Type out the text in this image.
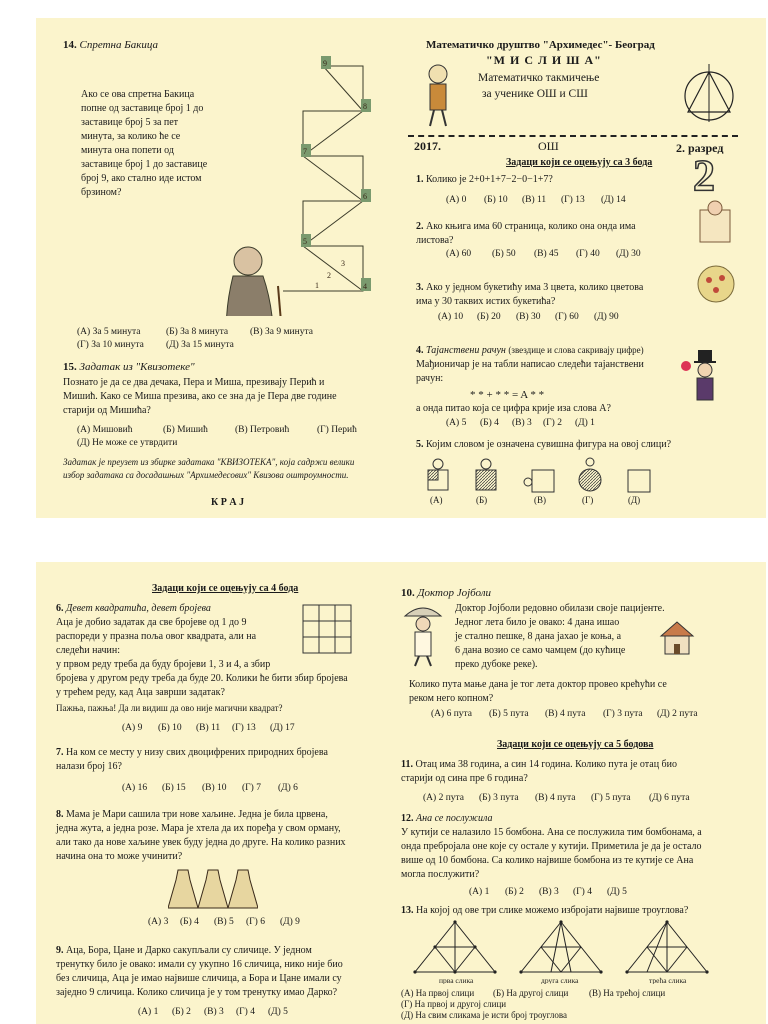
14. Спретна Бакица
Ако се ова спретна Бакица
попне од заставице број 1 до
заставице број 5 за пет
минута, за колико ће се
минута она попети од
заставице број 1 до заставице
број 9, ако стално иде истом
брзином?
9
8
7
6
5
4
3
2
1
(А) За 5 минута	(Б) За 8 минута (В) За 9 минута
(Г) За 10 минута (Д) За 15 минута
15. Задатак из "Квизотеке"
Познато је да се два дечака, Пера и Миша, презивају Перић и
Мишић. Како се Миша презива, ако се зна да је Пера две године
старији од Мишића?
(А) Мишовић	(Б) Мишић	(В) Петровић	(Г) Перић
(Д) Не може се утврдити
Задатак је преузет из збирке задатака "КВИЗОТЕКА", која садржи велики
избор задатака са досадашњих "Архимедесових" Квизова оштроумности.
К Р А Ј
Математичко друштво "Архимедес"- Београд
"М И С Л И Ш А"
Математичко такмичење
за ученике ОШ и СШ
2017.	ОШ	2. разред
2
Задаци који се оцењују са 3 бода
1. Колико је 2+0+1+7−2−0−1+7?
(А) 0 (Б) 10 (В) 11 (Г) 13 (Д) 14
2. Ако књига има 60 страница, колико она онда има
листова?
(А) 60 (Б) 50 (В) 45 (Г) 40 (Д) 30
3. Ако у једном букетићу има 3 цвета, колико цветова
има у 30 таквих истих букетића?
(А) 10 (Б) 20 (В) 30 (Г) 60 (Д) 90
4. Тајанствени рачун (звездице и слова сакривају цифре)
Мађионичар је на табли написао следећи тајанствени
рачун:
* * + * * = A * *
а онда питао која се цифра крије иза слова А?
(А) 5 (Б) 4 (В) 3 (Г) 2 (Д) 1
5. Којим словом је означена сувишна фигура на овој слици?
(А)	(Б)	(В)	(Г)	(Д)
Задаци који се оцењују са 4 бода
6. Девет квадратића, девет бројева
Аца је добио задатак да све бројеве од 1 до 9
распореди у празна поља овог квадрата, али на
следећи начин:
у првом реду треба да буду бројеви 1, 3 и 4, а збир
бројева у другом реду треба да буде 20. Колики ће бити збир бројева
у трећем реду, кад Аца заврши задатак?
Пажња, пажња! Да ли видиш да ово није магични квадрат?
(А) 9 (Б) 10 (В) 11 (Г) 13 (Д) 17
7. На ком се месту у низу свих двоцифрених природних бројева
налази број 16?
(А) 16 (Б) 15 (В) 10 (Г) 7 (Д) 6
8. Мама је Мари сашила три нове хаљине. Једна је била црвена,
једна жута, а једна розе. Мара је хтела да их поређа у свом орману,
али тако да нове хаљине увек буду једна до друге. На колико разних
начина она то може учинити?
(А) 3 (Б) 4 (В) 5 (Г) 6 (Д) 9
9. Аца, Бора, Цане и Дарко сакупљали су сличице. У једном
тренутку било је овако: имали су укупно 16 сличица, нико није био
без сличица, Аца је имао највише сличица, а Бора и Цане имали су
заједно 9 сличица. Колико сличица је у том тренутку имао Дарко?
(А) 1 (Б) 2 (В) 3 (Г) 4 (Д) 5
10. Доктор Јојболи
Доктор Јојболи редовно обилази своје пацијенте.
Једног лета било је овако: 4 дана ишао
је стално пешке, 8 дана јахао је коња, а
6 дана возио се само чамцем (до кућице
преко дубоке реке).
Колико пута мање дана је тог лета доктор провео крећући се
реком него копном?
(А) 6 пута (Б) 5 пута (В) 4 пута (Г) 3 пута (Д) 2 пута
Задаци који се оцењују са 5 бодова
11. Отац има 38 година, а син 14 година. Колико пута је отац био
старији од сина пре 6 година?
(А) 2 пута (Б) 3 пута (В) 4 пута (Г) 5 пута (Д) 6 пута
12. Ана се послужила
У кутији се налазило 15 бомбона. Ана се послужила тим бомбонама, а
онда пребројала оне које су остале у кутији. Приметила је да је остало
више од 10 бомбона. Са колико највише бомбона из те кутије се Ана
могла послужити?
(А) 1 (Б) 2 (В) 3 (Г) 4 (Д) 5
13. На којој од ове три слике можемо избројати највише троуглова?
прва слика	друга слика	трећа слика
(А) На првој слици (Б) На другој слици (В) На трећој слици
(Г) На првој и другој слици
(Д) На свим сликама је исти број троуглова
